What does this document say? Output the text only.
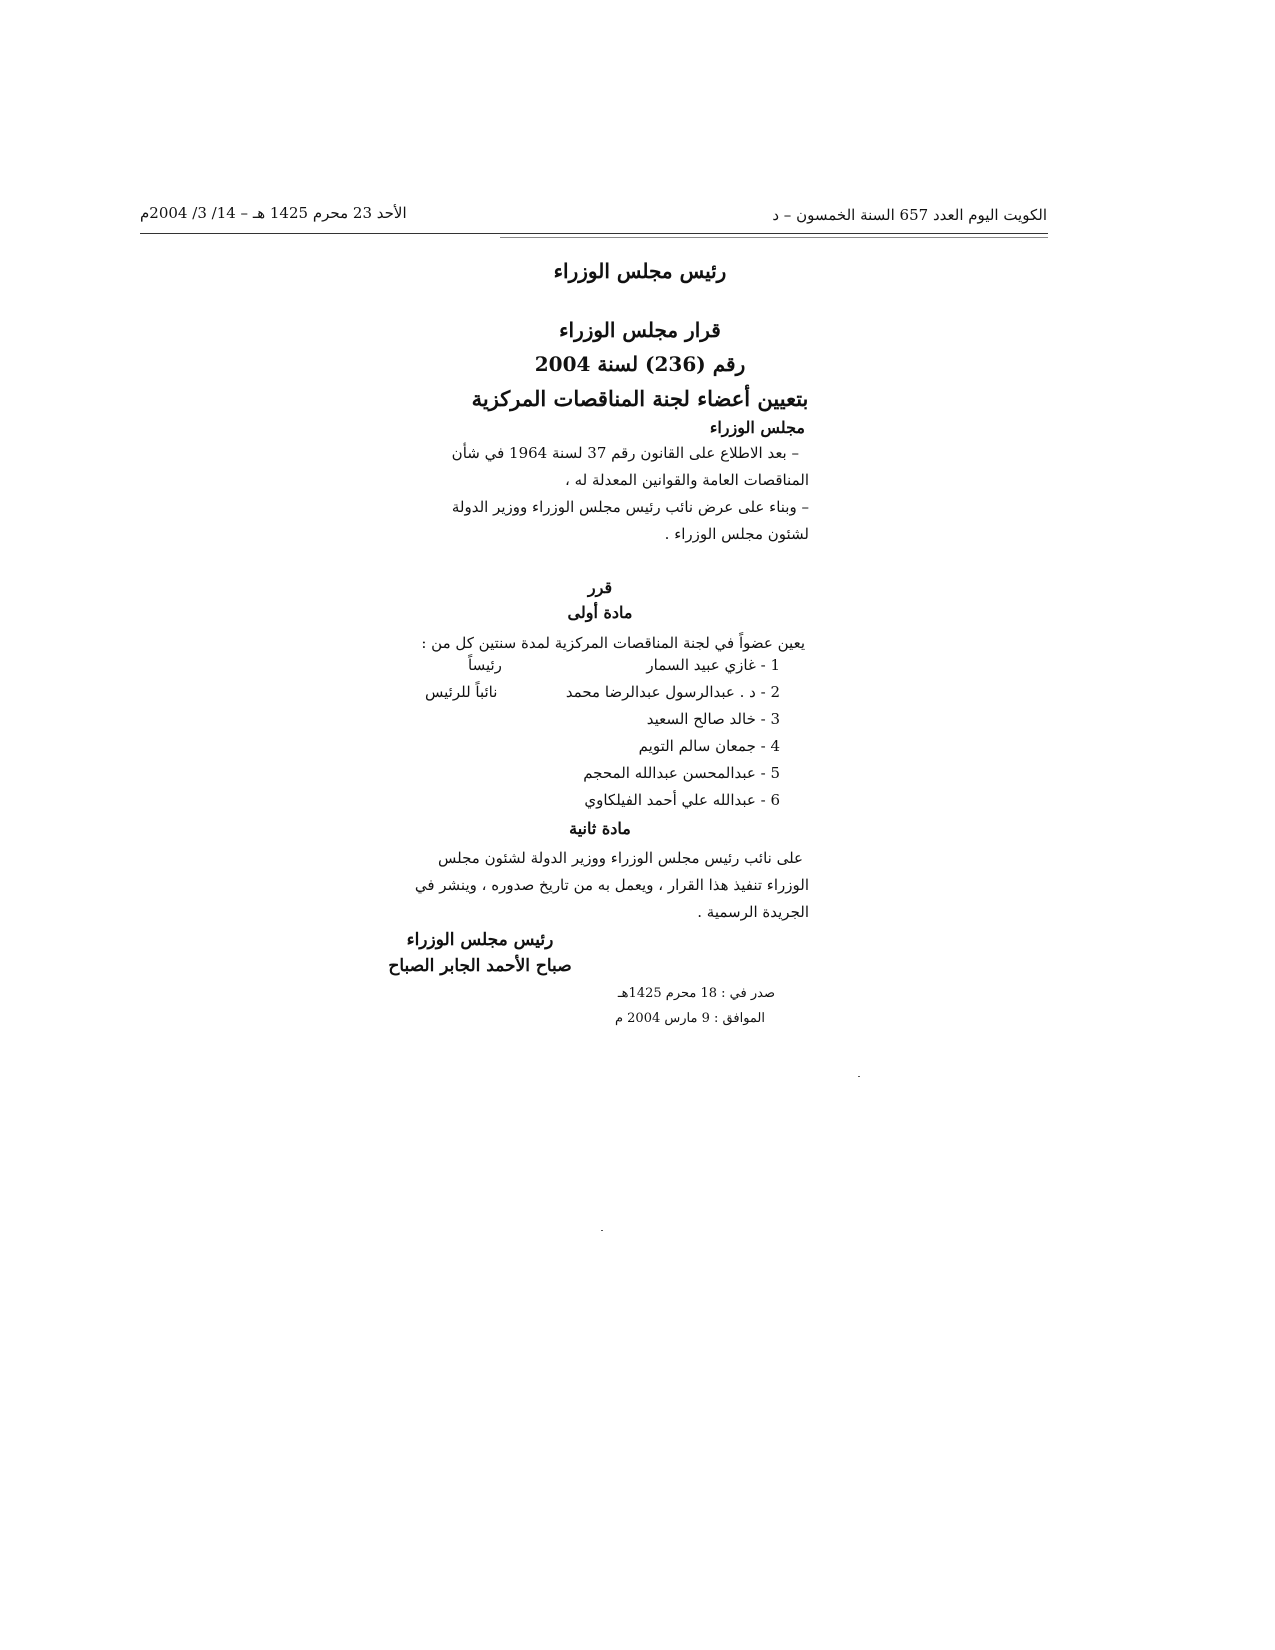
الكويت اليوم العدد 657 السنة الخمسون – د
الأحد 23 محرم 1425 هـ – 14/ 3/ 2004م
رئيس مجلس الوزراء
قرار مجلس الوزراء
رقم (236) لسنة 2004
بتعيين أعضاء لجنة المناقصات المركزية
مجلس الوزراء
– بعد الاطلاع على القانون رقم 37 لسنة 1964 في شأن
المناقصات العامة والقوانين المعدلة له ،
– وبناء على عرض نائب رئيس مجلس الوزراء ووزير الدولة
لشئون مجلس الوزراء .
قرر
مادة أولى
يعين عضواً في لجنة المناقصات المركزية لمدة سنتين كل من :
1 - غازي عبيد السمار
رئيساً
2 - د . عبدالرسول عبدالرضا محمد
نائباً للرئيس
3 - خالد صالح السعيد
4 - جمعان سالم التويم
5 - عبدالمحسن عبدالله المحجم
6 - عبدالله علي أحمد الفيلكاوي
مادة ثانية
على نائب رئيس مجلس الوزراء ووزير الدولة لشئون مجلس
الوزراء تنفيذ هذا القرار ، ويعمل به من تاريخ صدوره ، وينشر في
الجريدة الرسمية .
رئيس مجلس الوزراء
صباح الأحمد الجابر الصباح
صدر في : 18 محرم 1425هـ
الموافق : 9 مارس 2004 م
